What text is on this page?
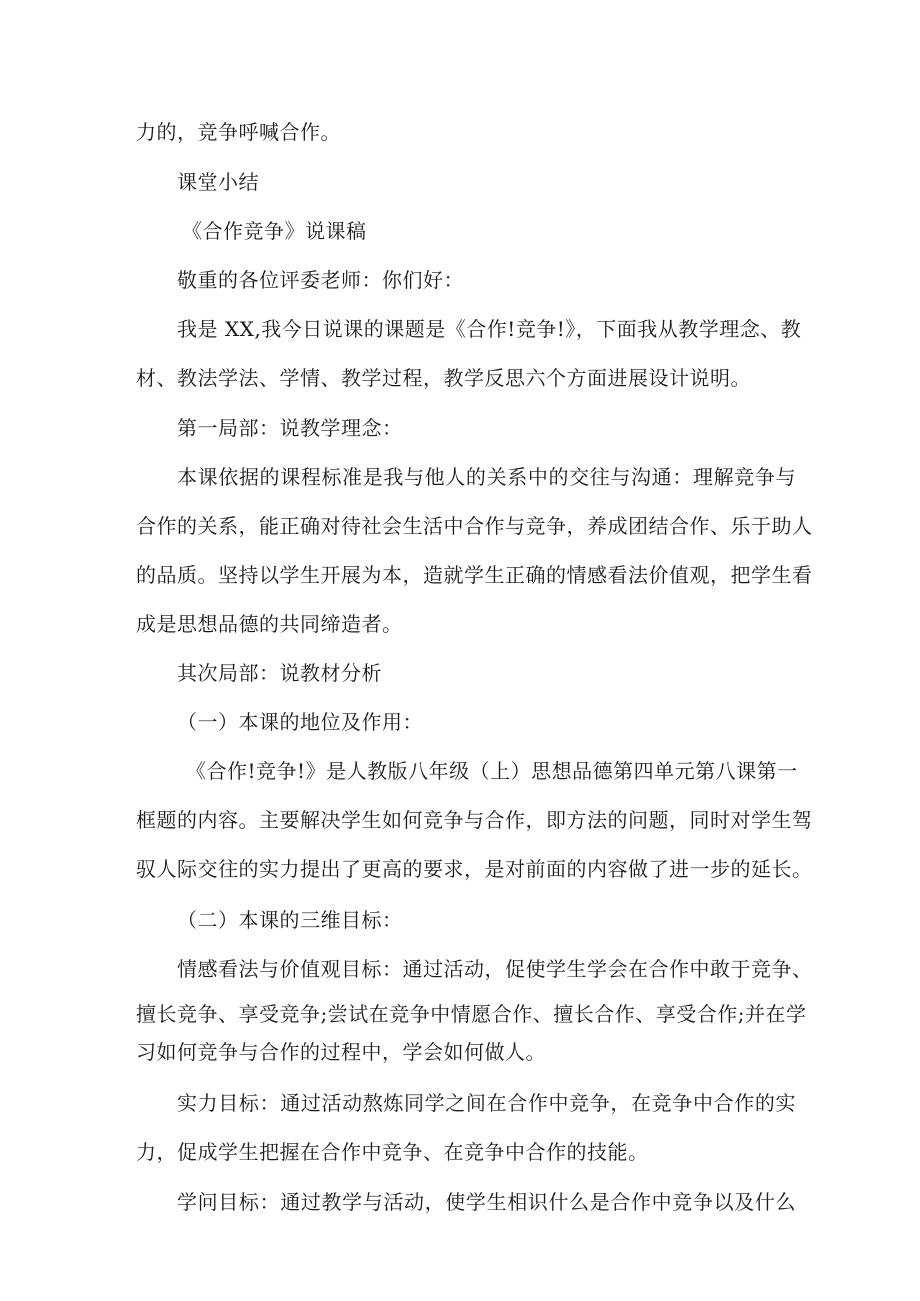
力的，竞争呼喊合作。
课堂小结
《合作竞争》说课稿
敬重的各位评委老师：你们好：
我是 XX,我今日说课的课题是《合作!竞争!》，下面我从教学理念、教
材、教法学法、学情、教学过程，教学反思六个方面进展设计说明。
第一局部：说教学理念：
本课依据的课程标准是我与他人的关系中的交往与沟通：理解竞争与
合作的关系，能正确对待社会生活中合作与竞争，养成团结合作、乐于助人
的品质。坚持以学生开展为本，造就学生正确的情感看法价值观，把学生看
成是思想品德的共同缔造者。
其次局部：说教材分析
（一）本课的地位及作用：
《合作!竞争!》是人教版八年级（上）思想品德第四单元第八课第一
框题的内容。主要解决学生如何竞争与合作，即方法的问题，同时对学生驾
驭人际交往的实力提出了更高的要求，是对前面的内容做了进一步的延长。
（二）本课的三维目标：
情感看法与价值观目标：通过活动，促使学生学会在合作中敢于竞争、
擅长竞争、享受竞争;尝试在竞争中情愿合作、擅长合作、享受合作;并在学
习如何竞争与合作的过程中，学会如何做人。
实力目标：通过活动熬炼同学之间在合作中竞争，在竞争中合作的实
力，促成学生把握在合作中竞争、在竞争中合作的技能。
学问目标：通过教学与活动，使学生相识什么是合作中竞争以及什么
